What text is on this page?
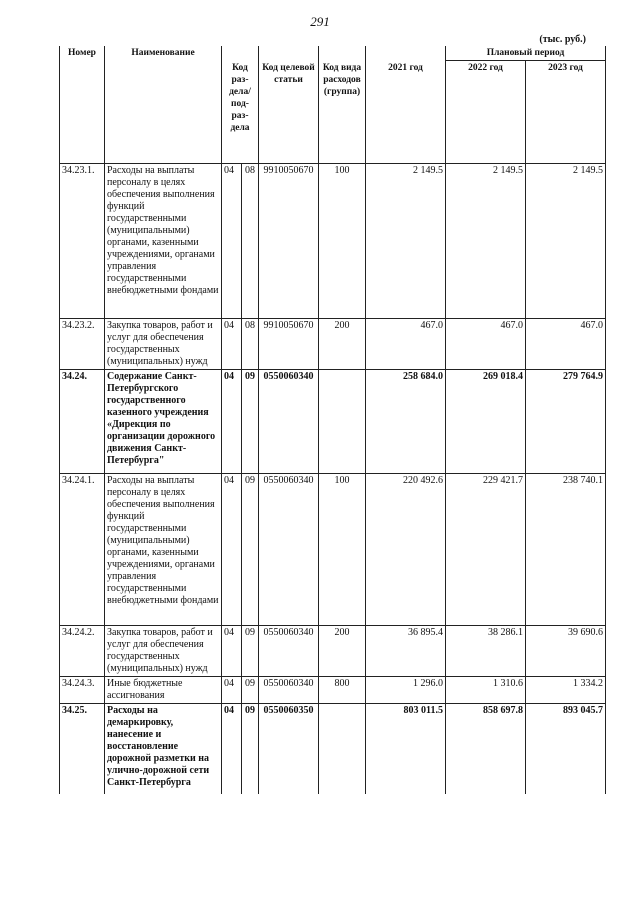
291
(тыс. руб.)
Номер	Наименование	Код раз-дела/ под-раз-дела		Код целевой статьи	Код вида расходов (группа)	2021 год	Плановый период	
							2022 год	2023 год
34.23.1.	Расходы на выплаты персоналу в целях обеспечения выполнения функций государственными (муниципальными) органами, казенными учреждениями, органами управления государственными внебюджетными фондами	04	08	9910050670	100	2 149.5	2 149.5	2 149.5
34.23.2.	Закупка товаров, работ и услуг для обеспечения государственных (муниципальных) нужд	04	08	9910050670	200	467.0	467.0	467.0
34.24.	Содержание Санкт-Петербургского государственного казенного учреждения «Дирекция по организации дорожного движения Санкт-Петербурга"	04	09	0550060340		258 684.0	269 018.4	279 764.9
34.24.1.	Расходы на выплаты персоналу в целях обеспечения выполнения функций государственными (муниципальными) органами, казенными учреждениями, органами управления государственными внебюджетными фондами	04	09	0550060340	100	220 492.6	229 421.7	238 740.1
34.24.2.	Закупка товаров, работ и услуг для обеспечения государственных (муниципальных) нужд	04	09	0550060340	200	36 895.4	38 286.1	39 690.6
34.24.3.	Иные бюджетные ассигнования	04	09	0550060340	800	1 296.0	1 310.6	1 334.2
34.25.	Расходы на демаркировку, нанесение и восстановление дорожной разметки на улично-дорожной сети Санкт-Петербурга	04	09	0550060350		803 011.5	858 697.8	893 045.7
